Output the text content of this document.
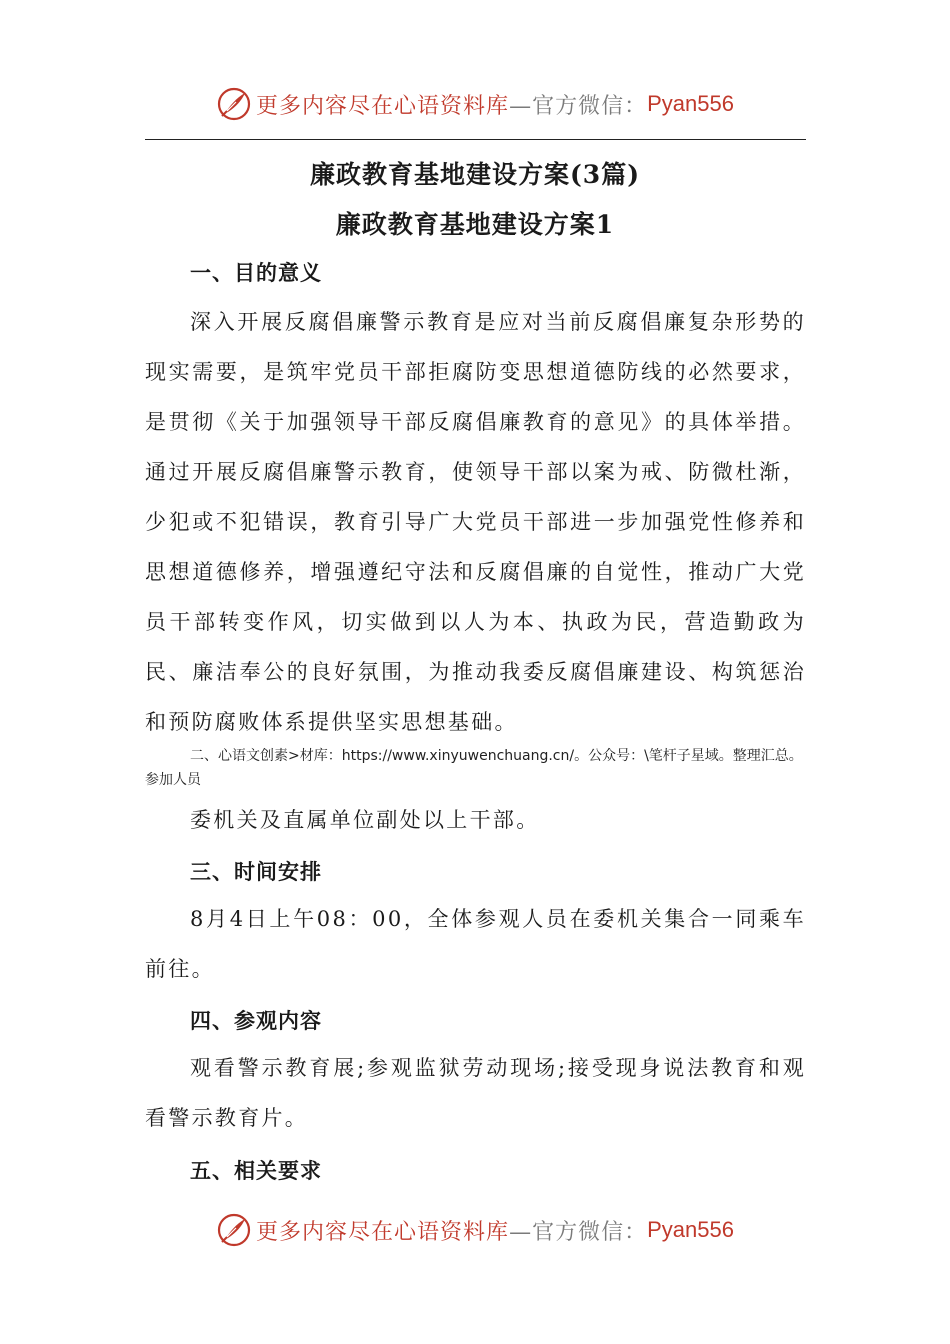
更多内容尽在心语资料库 —官方微信： Pyan556
廉政教育基地建设方案(3篇)
廉政教育基地建设方案1
一、目的意义

深入开展反腐倡廉警示教育是应对当前反腐倡廉复杂形势的现实需要，是筑牢党员干部拒腐防变思想道德防线的必然要求，是贯彻《关于加强领导干部反腐倡廉教育的意见》的具体举措。通过开展反腐倡廉警示教育，使领导干部以案为戒、防微杜渐，少犯或不犯错误，教育引导广大党员干部进一步加强党性修养和思想道德修养，增强遵纪守法和反腐倡廉的自觉性，推动广大党员干部转变作风，切实做到以人为本、执政为民，营造勤政为民、廉洁奉公的良好氛围，为推动我委反腐倡廉建设、构筑惩治和预防腐败体系提供坚实思想基础。

二、心语文创素>材库：https://www.xinyuwenchuang.cn/。公众号：\笔杆子星域。整理汇总。参加人员

委机关及直属单位副处以上干部。

三、时间安排

8月4日上午08：00，全体参观人员在委机关集合一同乘车前往。

四、参观内容

观看警示教育展;参观监狱劳动现场;接受现身说法教育和观看警示教育片。

五、相关要求
更多内容尽在心语资料库 —官方微信： Pyan556
